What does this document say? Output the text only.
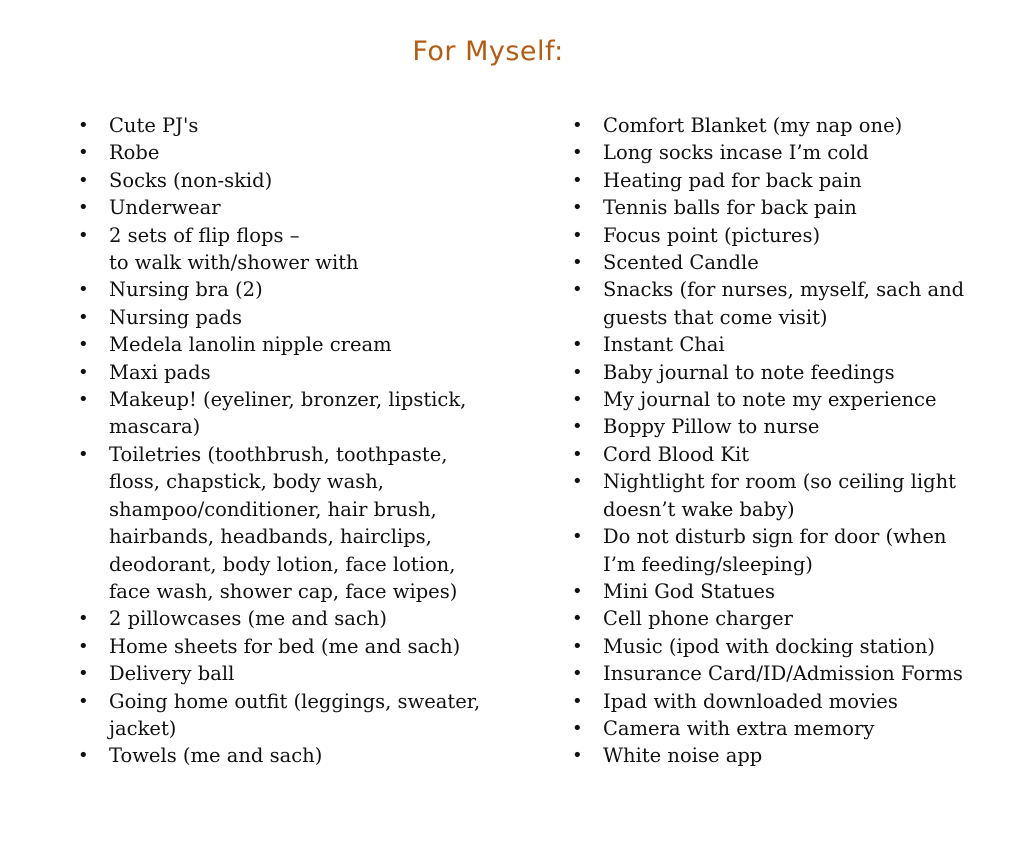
For Myself:
•	Cute PJ's
•	Robe
•	Socks (non-skid)
•	Underwear
•	2 sets of flip flops –
to walk with/shower with
•	Nursing bra (2)
•	Nursing pads
•	Medela lanolin nipple cream
•	Maxi pads
•	Makeup! (eyeliner, bronzer, lipstick,
mascara)
•	Toiletries (toothbrush, toothpaste,
floss, chapstick, body wash,
shampoo/conditioner, hair brush,
hairbands, headbands, hairclips,
deodorant, body lotion, face lotion,
face wash, shower cap, face wipes)
•	2 pillowcases (me and sach)
•	Home sheets for bed (me and sach)
•	Delivery ball
•	Going home outfit (leggings, sweater,
jacket)
•	Towels (me and sach)
•	Comfort Blanket (my nap one)
•	Long socks incase I’m cold
•	Heating pad for back pain
•	Tennis balls for back pain
•	Focus point (pictures)
•	Scented Candle
•	Snacks (for nurses, myself, sach and
guests that come visit)
•	Instant Chai
•	Baby journal to note feedings
•	My journal to note my experience
•	Boppy Pillow to nurse
•	Cord Blood Kit
•	Nightlight for room (so ceiling light
doesn’t wake baby)
•	Do not disturb sign for door (when
I’m feeding/sleeping)
•	Mini God Statues
•	Cell phone charger
•	Music (ipod with docking station)
•	Insurance Card/ID/Admission Forms
•	Ipad with downloaded movies
•	Camera with extra memory
•	White noise app
